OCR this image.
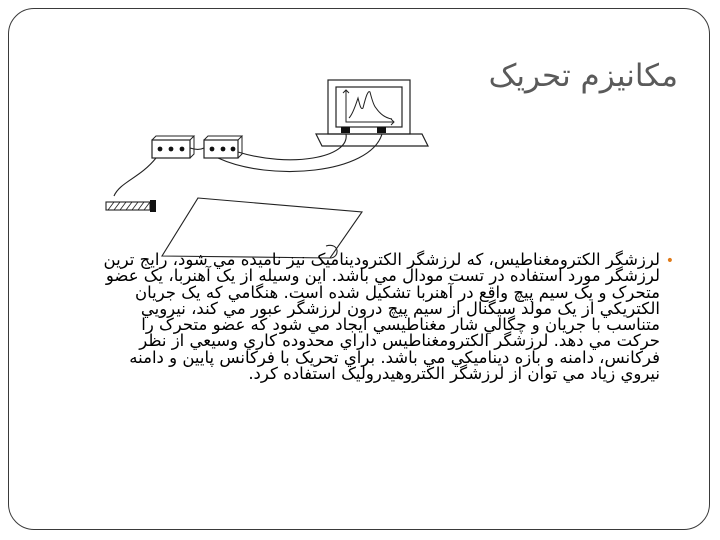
مکانيزم تحريک
•

لرزشگر الکترومغناطيس، که لرزشگر الکتروديناميک نيز ناميده مي شود، رايج ترين لرزشگر مورد استفاده در تست مودال مي باشد. اين وسيله از يک آهنربا، يک عضو متحرک و يک سيم پيچ واقع در آهنربا تشکيل شده است. هنگامي که يک جريان الکتريکي از يک مولد سيگنال از سيم پيچ درون لرزشگر عبور مي کند، نيرويي متناسب با جريان و چگالي شار مغناطيسي ايجاد مي شود که عضو متحرک را حرکت مي دهد. لرزشگر الکترومغناطيس داراي محدوده کاري وسيعي از نظر فرکانس، دامنه و بازه ديناميکي مي باشد. براي تحريک با فرکانس پايين و دامنه نيروي زياد مي توان از لرزشگر الکتروهيدروليک استفاده کرد.
